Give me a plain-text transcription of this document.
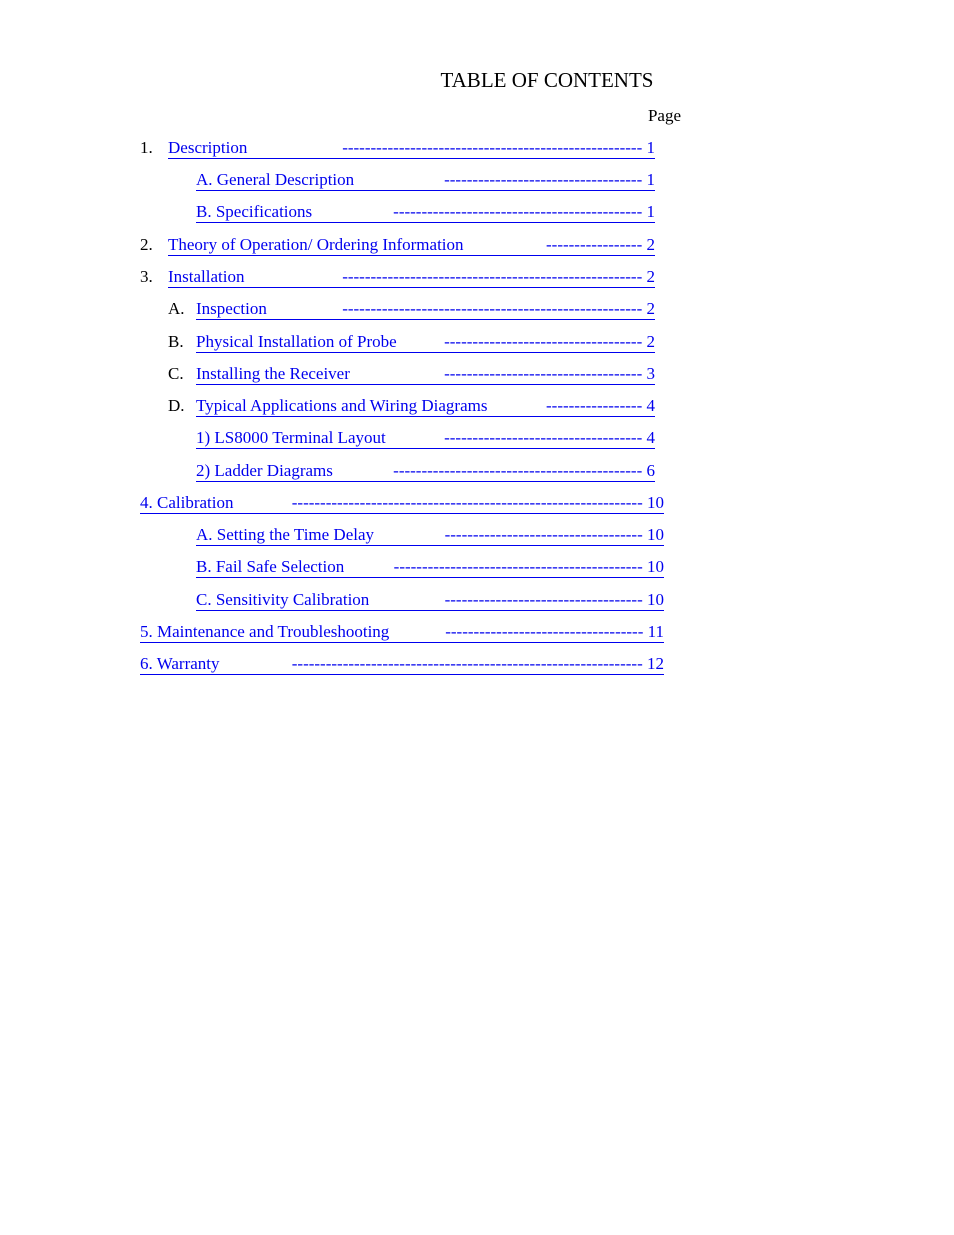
TABLE OF CONTENTS
Page
1. Description	----------------------------------------------------- 1
A. General Description	----------------------------------- 1
B. Specifications	-------------------------------------------- 1
2. Theory of Operation/ Ordering Information	----------------- 2
3. Installation	----------------------------------------------------- 2
A. Inspection	----------------------------------------------------- 2
B. Physical Installation of Probe	----------------------------------- 2
C. Installing the Receiver	----------------------------------- 3
D. Typical Applications and Wiring Diagrams	----------------- 4
1) LS8000 Terminal Layout	----------------------------------- 4
2) Ladder Diagrams	-------------------------------------------- 6
4. Calibration	-------------------------------------------------------------- 10
A. Setting the Time Delay	----------------------------------- 10
B. Fail Safe Selection	-------------------------------------------- 10
C. Sensitivity Calibration	----------------------------------- 10
5. Maintenance and Troubleshooting	----------------------------------- 11
6. Warranty	-------------------------------------------------------------- 12
